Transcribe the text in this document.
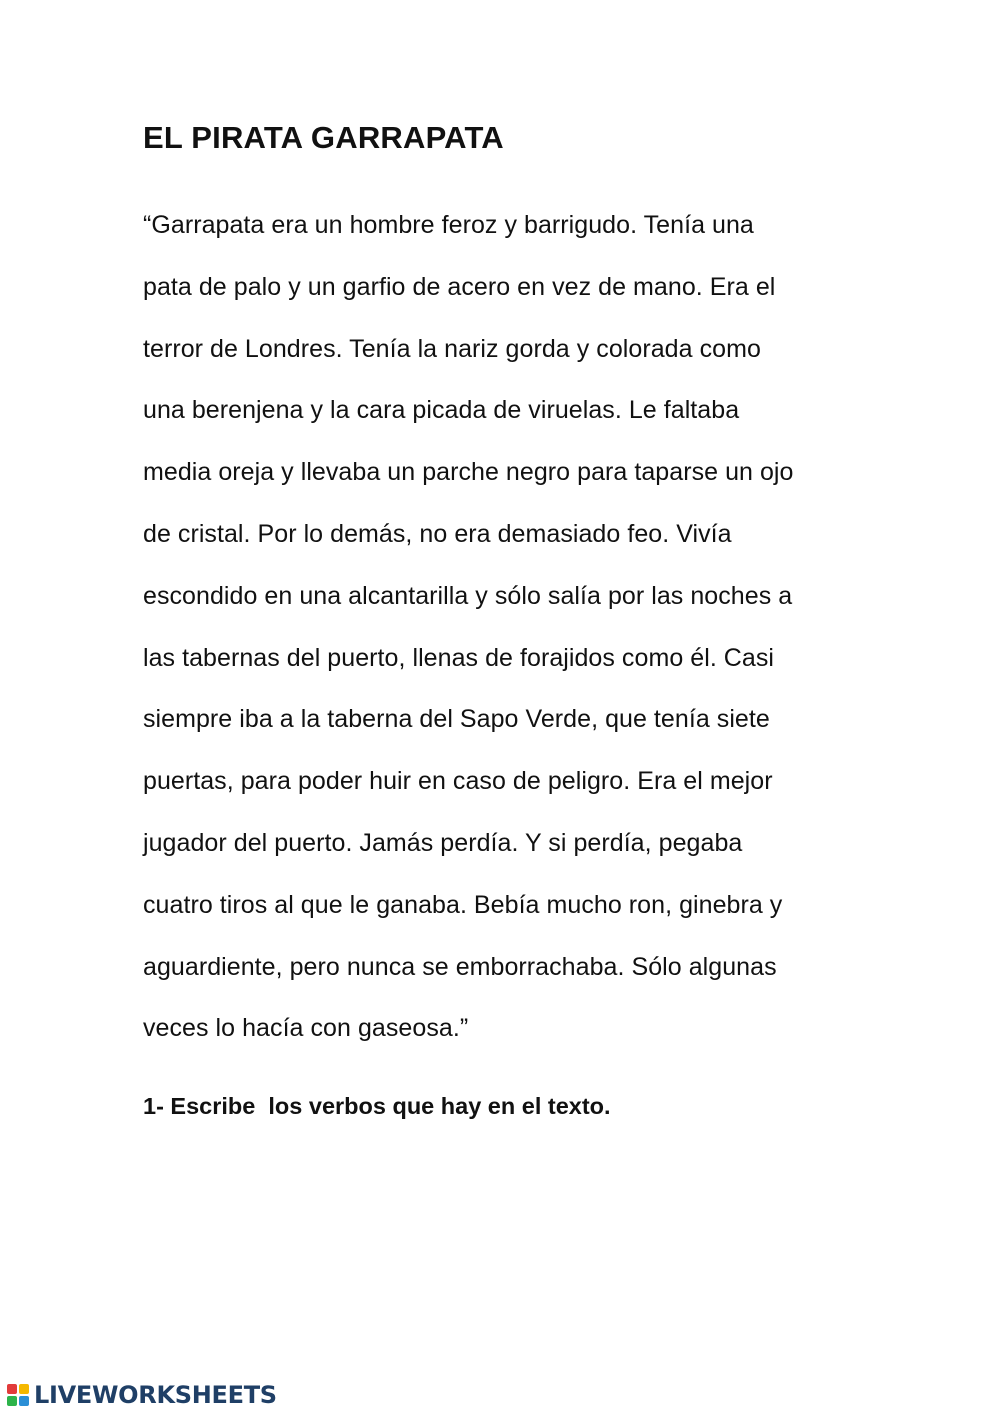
EL PIRATA GARRAPATA
“Garrapata era un hombre feroz y barrigudo. Tenía una
pata de palo y un garfio de acero en vez de mano. Era el
terror de Londres. Tenía la nariz gorda y colorada como
una berenjena y la cara picada de viruelas. Le faltaba
media oreja y llevaba un parche negro para taparse un ojo
de cristal. Por lo demás, no era demasiado feo. Vivía
escondido en una alcantarilla y sólo salía por las noches a
las tabernas del puerto, llenas de forajidos como él. Casi
siempre iba a la taberna del Sapo Verde, que tenía siete
puertas, para poder huir en caso de peligro. Era el mejor
jugador del puerto. Jamás perdía. Y si perdía, pegaba
cuatro tiros al que le ganaba. Bebía mucho ron, ginebra y
aguardiente, pero nunca se emborrachaba. Sólo algunas
veces lo hacía con gaseosa.”

1- Escribe  los verbos que hay en el texto.

LIVEWORKSHEETS
